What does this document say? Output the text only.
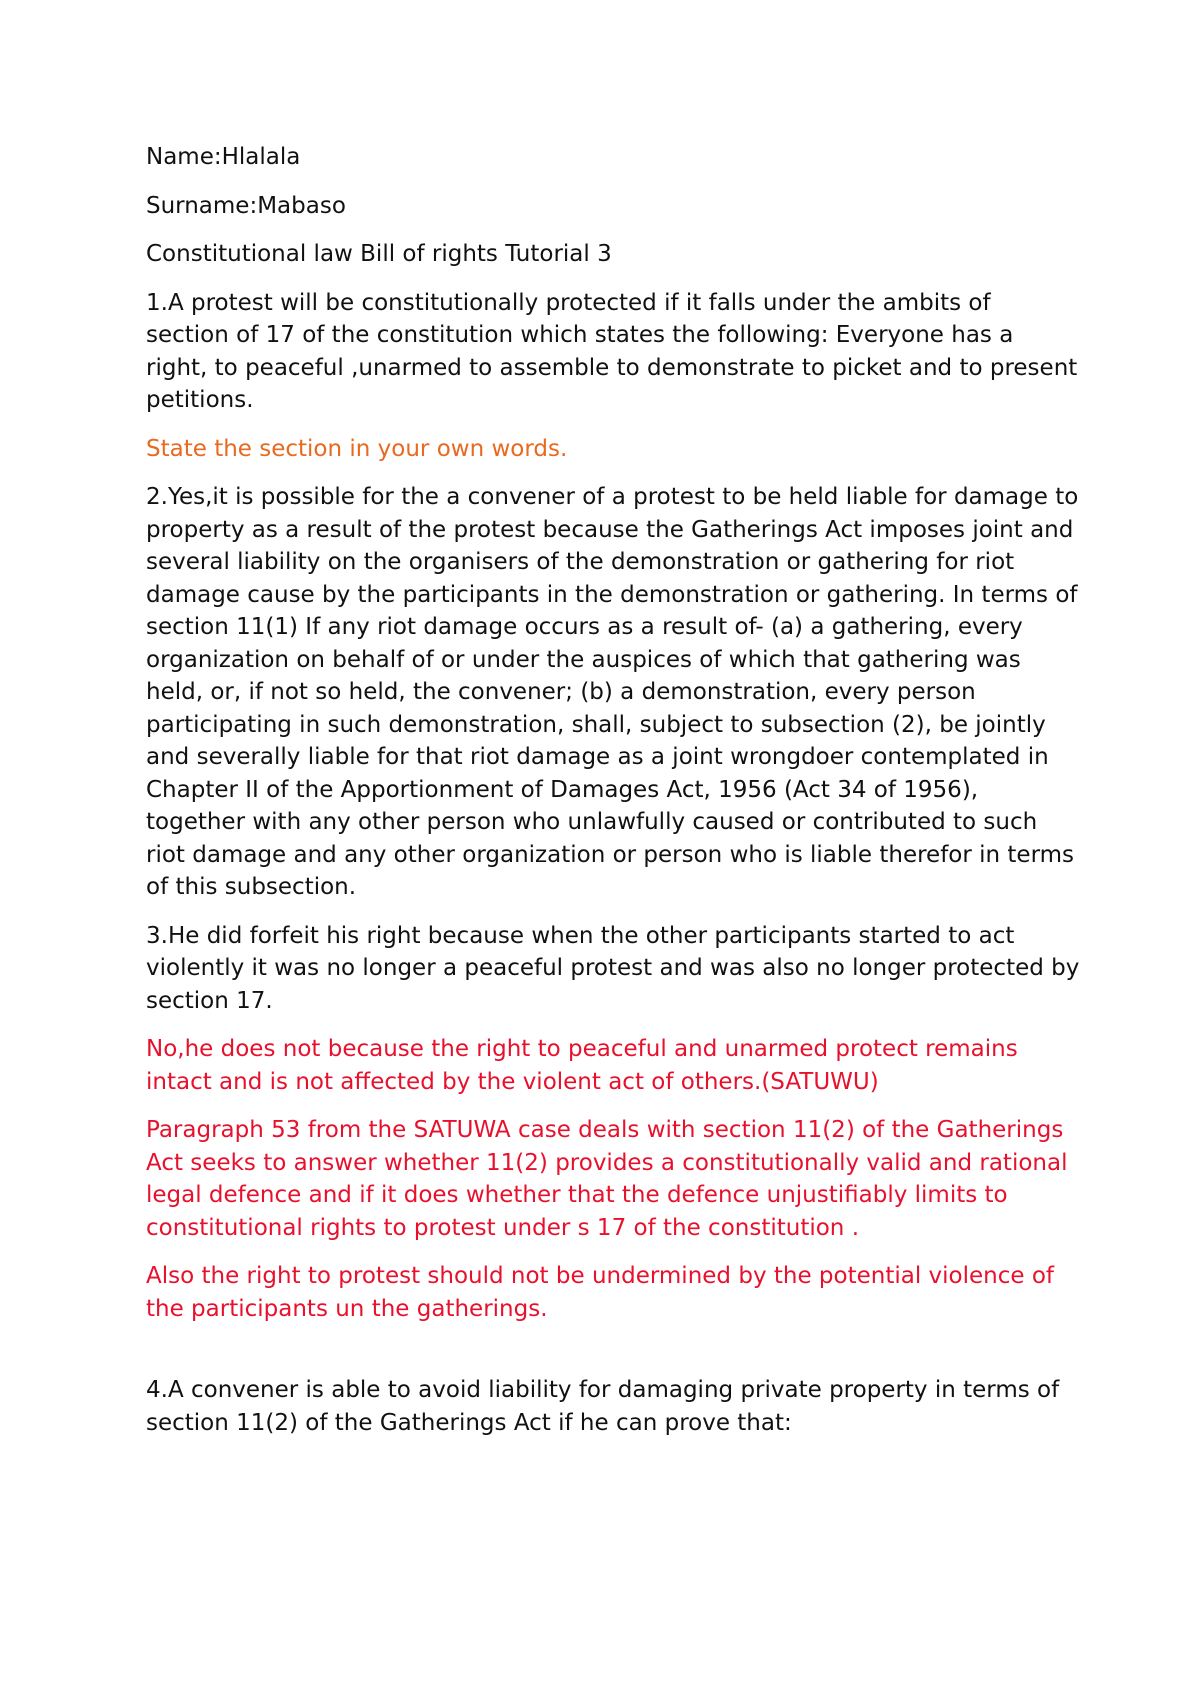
Name:Hlalala

Surname:Mabaso

Constitutional law Bill of rights Tutorial 3

1.A protest will be constitutionally protected if it falls under the ambits of section of 17 of the constitution which states the following: Everyone has a right, to peaceful ,unarmed to assemble to demonstrate to picket and to present petitions.

State the section in your own words.

2.Yes,it is possible for the a convener of a protest to be held liable for damage to property as a result of the protest because the Gatherings Act imposes joint and several liability on the organisers of the demonstration or gathering for riot damage cause by the participants in the demonstration or gathering. In terms of section 11(1) If any riot damage occurs as a result of- (a) a gathering, every organization on behalf of or under the auspices of which that gathering was held, or, if not so held, the convener; (b) a demonstration, every person participating in such demonstration, shall, subject to subsection (2), be jointly and severally liable for that riot damage as a joint wrongdoer contemplated in Chapter II of the Apportionment of Damages Act, 1956 (Act 34 of 1956), together with any other person who unlawfully caused or contributed to such riot damage and any other organization or person who is liable therefor in terms of this subsection.

3.He did forfeit his right because when the other participants started to act violently it was no longer a peaceful protest and was also no longer protected by section 17.

No,he does not because the right to peaceful and unarmed protect remains intact and is not affected by the violent act of others.(SATUWU)

Paragraph 53 from the SATUWA case deals with section 11(2) of the Gatherings Act seeks to answer whether 11(2) provides a constitutionally valid and rational legal defence and if it does whether that the defence unjustifiably limits to constitutional rights to protest under s 17 of the constitution .

Also the right to protest should not be undermined by the potential violence of the participants un the gatherings.

4.A convener is able to avoid liability for damaging private property in terms of section 11(2) of the Gatherings Act if he can prove that:
